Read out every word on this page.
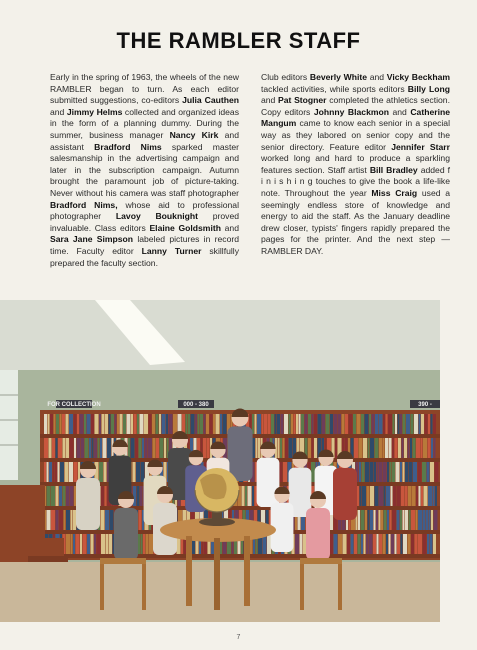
THE RAMBLER STAFF

Early in the spring of 1963, the wheels of the new RAMBLER began to turn. As each editor submitted suggestions, co-editors Julia Cauthen and Jimmy Helms collected and organized ideas in the form of a planning dummy. During the summer, business manager Nancy Kirk and assistant Bradford Nims sparked master salesmanship in the advertising campaign and later in the subscription campaign. Autumn brought the paramount job of picture-taking. Never without his camera was staff photographer Bradford Nims, whose aid to professional photographer Lavoy Bouknight proved invaluable. Class editors Elaine Goldsmith and Sara Jane Simpson labeled pictures in record time. Faculty editor Lanny Turner skillfully prepared the faculty section.

Club editors Beverly White and Vicky Beckham tackled activities, while sports editors Billy Long and Pat Stogner completed the athletics section. Copy editors Johnny Blackmon and Catherine Mangum came to know each senior in a special way as they labored on senior copy and the senior directory. Feature editor Jennifer Starr worked long and hard to produce a sparkling features section. Staff artist Bill Bradley added f i n i s h i n g touches to give the book a life-like note. Throughout the year Miss Craig used a seemingly endless store of knowledge and energy to aid the staff. As the January deadline drew closer, typists' fingers rapidly prepared the pages for the printer. And the next step —RAMBLER DAY.

FOR COLLECTION	000 - 380	390 -
7
